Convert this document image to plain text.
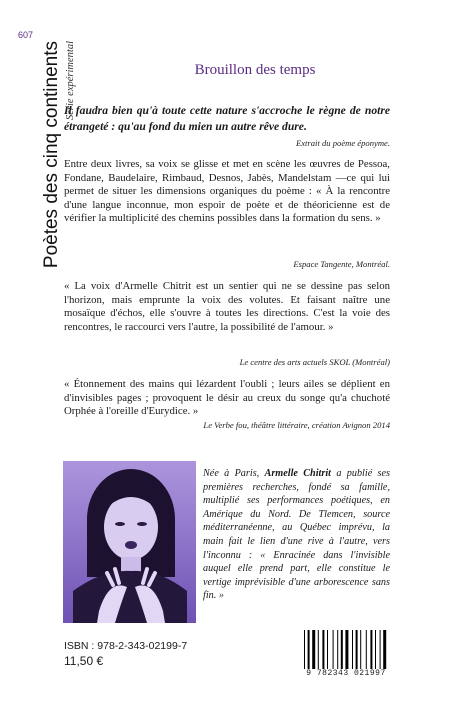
607
Poètes des cinq continents Série expérimental	Brouillon des temps
Il faudra bien qu'à toute cette nature s'accroche le règne de notre étrangeté : qu'au fond du mien un autre rêve dure.
Extrait du poème éponyme.
Entre deux livres, sa voix se glisse et met en scène les œuvres de Pessoa, Fondane, Baudelaire, Rimbaud, Desnos, Jabès, Mandelstam —ce qui lui permet de situer les dimensions organiques du poème : « À la rencontre d'une langue inconnue, mon espoir de poète et de théoricienne est de vérifier la multiplicité des chemins possibles dans la formation du sens. »
Espace Tangente, Montréal.
« La voix d'Armelle Chitrit est un sentier qui ne se dessine pas selon l'horizon, mais emprunte la voix des volutes. Et faisant naître une mosaïque d'échos, elle s'ouvre à toutes les directions. C'est la voie des rencontres, le raccourci vers l'autre, la possibilité de l'amour. »
Le centre des arts actuels SKOL (Montréal)
« Étonnement des mains qui lézardent l'oubli ; leurs ailes se déplient en d'invisibles pages ; provoquent le désir au creux du songe qu'a chuchoté Orphée à l'oreille d'Eurydice. »
Le Verbe fou, théâtre littéraire, création Avignon 2014
Née à Paris, Armelle Chitrit a publié ses premières recherches, fondé sa famille, multiplié ses performances poétiques, en Amérique du Nord. De Tlemcen, source méditerranéenne, au Québec imprévu, la main fait le lien d'une rive à l'autre, vers l'inconnu : « Enracinée dans l'invisible auquel elle prend part, elle constitue le vertige imprévisible d'une arborescence sans fin. »
ISBN : 978-2-343-02199-7
11,50 €
9 782343 021997
